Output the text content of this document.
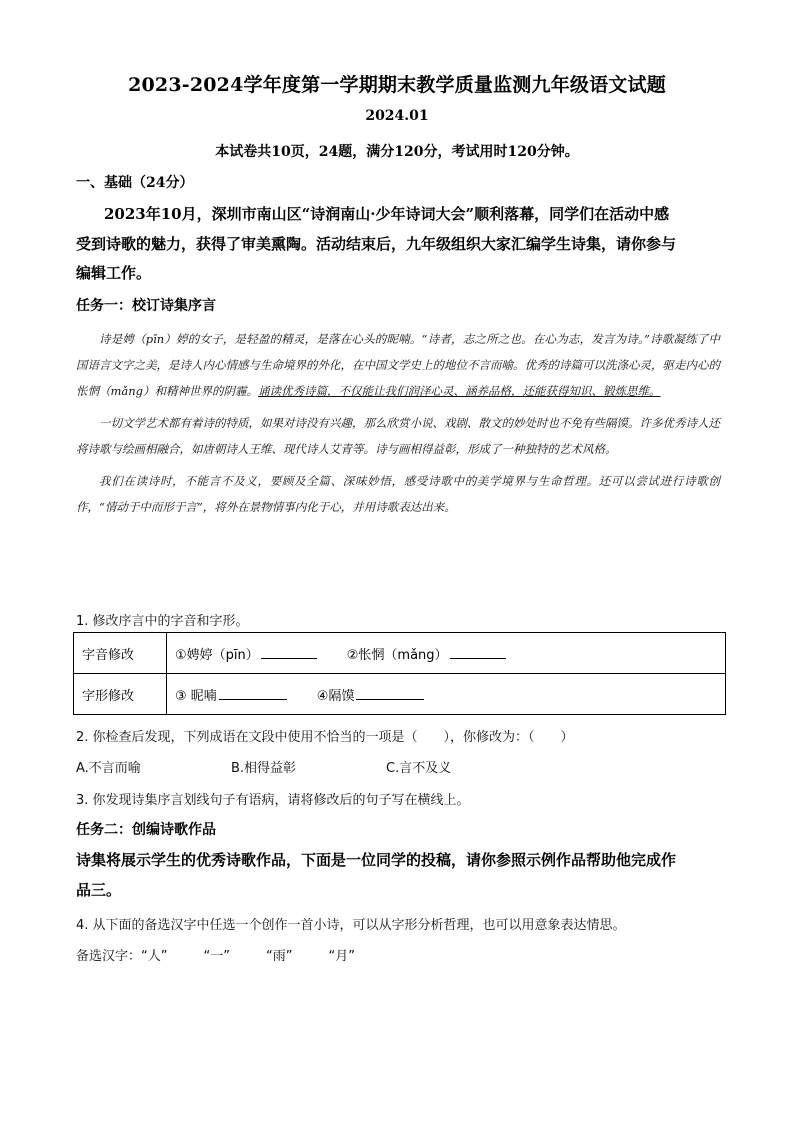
2023-2024学年度第一学期期末教学质量监测九年级语文试题
2024.01
本试卷共10页，24题，满分120分，考试用时120分钟。
一、基础（24分）
2023年10月，深圳市南山区“诗润南山·少年诗词大会”顺利落幕，同学们在活动中感
受到诗歌的魅力，获得了审美熏陶。活动结束后，九年级组织大家汇编学生诗集，请你参与
编辑工作。
任务一：校订诗集序言

诗是娉（pīn）婷的女子，是轻盈的精灵，是落在心头的昵喃。“诗者，志之所之也。在心为志，发言为诗。”诗歌凝练了中国语言文字之美，是诗人内心情感与生命境界的外化，在中国文学史上的地位不言而喻。优秀的诗篇可以洗涤心灵，驱走内心的怅惘（mǎng）和精神世界的阴霾。诵读优秀诗篇，不仅能让我们润泽心灵、涵养品格，还能获得知识、锻炼思维。

一切文学艺术都有着诗的特质，如果对诗没有兴趣，那么欣赏小说、戏剧、散文的妙处时也不免有些隔馍。许多优秀诗人还将诗歌与绘画相融合，如唐朝诗人王维、现代诗人艾青等。诗与画相得益彰，形成了一种独特的艺术风格。

我们在读诗时，不能言不及义，要顾及全篇、深味妙悟，感受诗歌中的美学境界与生命哲理。还可以尝试进行诗歌创作，“情动于中而形于言”，将外在景物情事内化于心，并用诗歌表达出来。

1. 修改序言中的字音和字形。
字音修改	①娉婷（pīn） ②怅惘（mǎng）
字形修改	③ 昵喃 ④隔馍
2. 你检查后发现，下列成语在文段中使用不恰当的一项是（　　），你修改为：（　　）
A.不言而喻	B.相得益彰	C.言不及义
3. 你发现诗集序言划线句子有语病，请将修改后的句子写在横线上。
任务二：创编诗歌作品
诗集将展示学生的优秀诗歌作品，下面是一位同学的投稿，请你参照示例作品帮助他完成作
品三。
4. 从下面的备选汉字中任选一个创作一首小诗，可以从字形分析哲理，也可以用意象表达情思。
备选汉字：“人”	“一”	“雨”	“月”
